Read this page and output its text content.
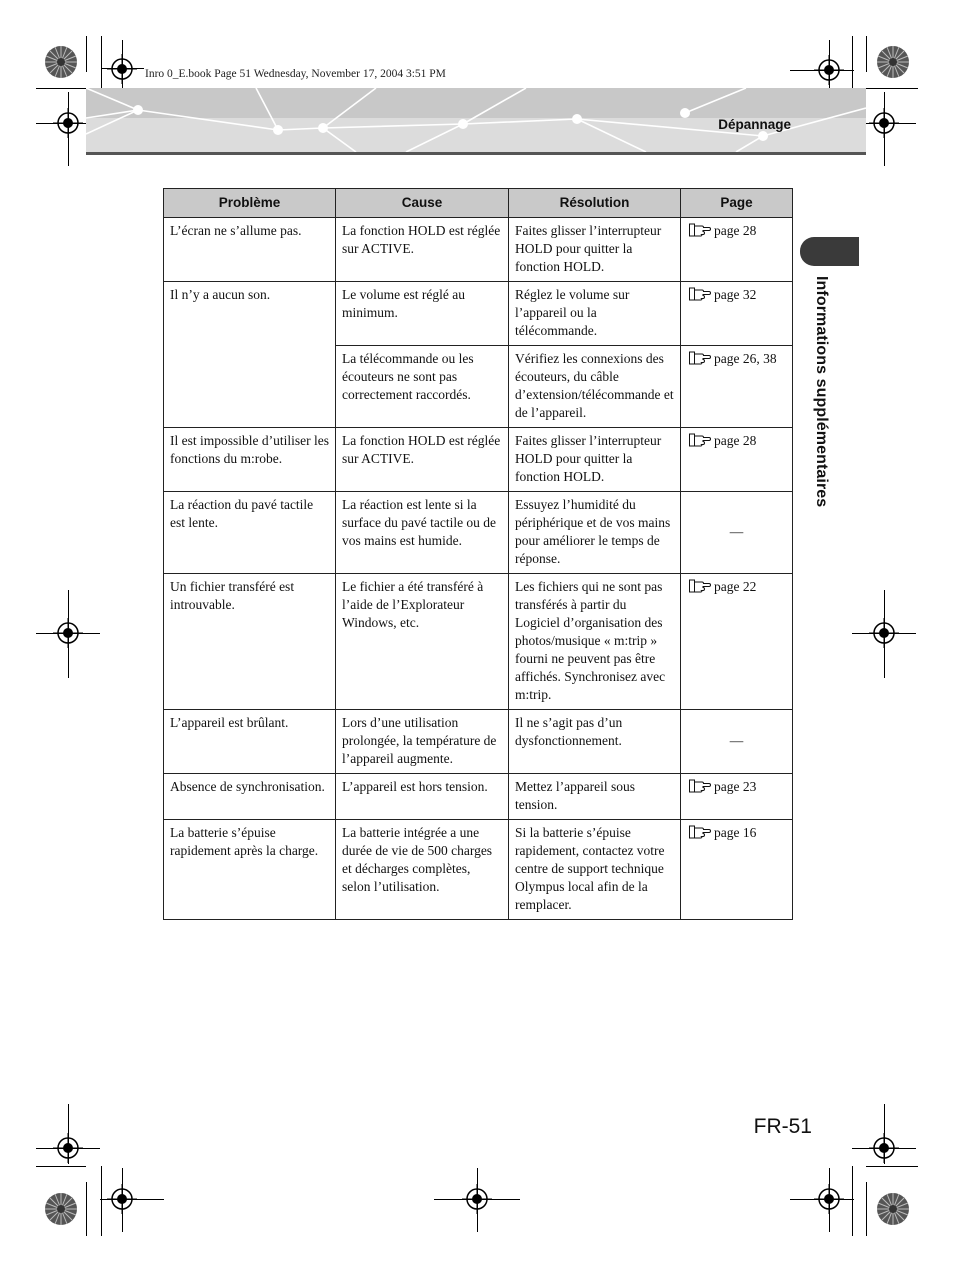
Inro 0_E.book Page 51 Wednesday, November 17, 2004 3:51 PM
Dépannage
Informations supplémentaires
Problème	Cause	Résolution	Page
L’écran ne s’allume pas.	La fonction HOLD est réglée sur ACTIVE.	Faites glisser l’interrupteur HOLD pour quitter la fonction HOLD.	page 28
Il n’y a aucun son.	Le volume est réglé au minimum.	Réglez le volume sur l’appareil ou la télécommande.	page 32
	La télécommande ou les écouteurs ne sont pas correctement raccordés.	Vérifiez les connexions des écouteurs, du câble d’extension/télécommande et de l’appareil.	page 26, 38
Il est impossible d’utiliser les fonctions du m:robe.	La fonction HOLD est réglée sur ACTIVE.	Faites glisser l’interrupteur HOLD pour quitter la fonction HOLD.	page 28
La réaction du pavé tactile est lente.	La réaction est lente si la surface du pavé tactile ou de vos mains est humide.	Essuyez l’humidité du périphérique et de vos mains pour améliorer le temps de réponse.	—
Un fichier transféré est introuvable.	Le fichier a été transféré à l’aide de l’Explorateur Windows, etc.	Les fichiers qui ne sont pas transférés à partir du Logiciel d’organisation des photos/musique « m:trip » fourni ne peuvent pas être affichés. Synchronisez avec m:trip.	page 22
L’appareil est brûlant.	Lors d’une utilisation prolongée, la température de l’appareil augmente.	Il ne s’agit pas d’un dysfonctionnement.	—
Absence de synchronisation.	L’appareil est hors tension.	Mettez l’appareil sous tension.	page 23
La batterie s’épuise rapidement après la charge.	La batterie intégrée a une durée de vie de 500 charges et décharges complètes, selon l’utilisation.	Si la batterie s’épuise rapidement, contactez votre centre de support technique Olympus local afin de la remplacer.	page 16
FR-51
